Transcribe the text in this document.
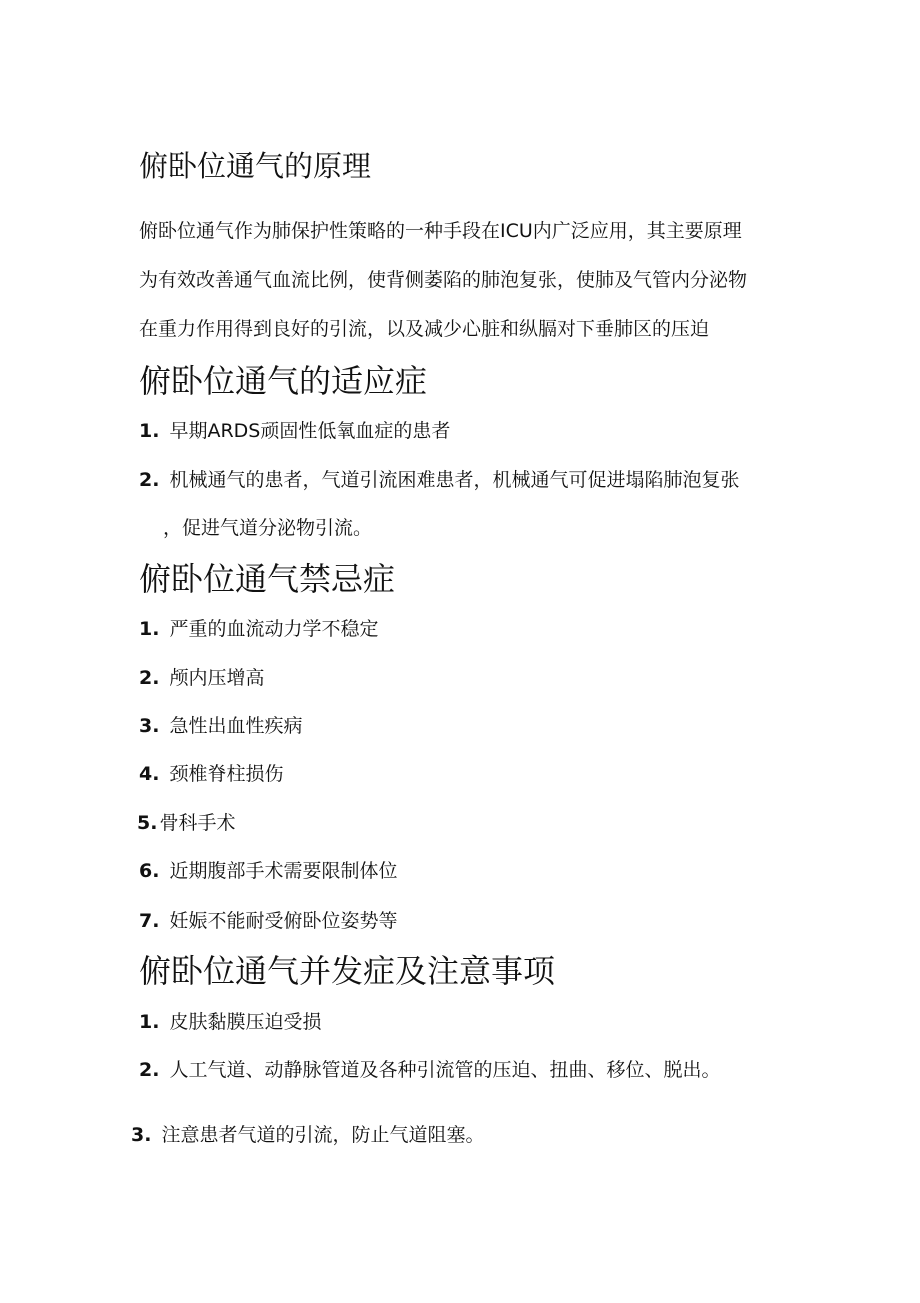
俯卧位通气的原理

俯卧位通气作为肺保护性策略的一种手段在ICU内广泛应用，其主要原理

为有效改善通气血流比例，使背侧萎陷的肺泡复张，使肺及气管内分泌物

在重力作用得到良好的引流，以及减少心脏和纵膈对下垂肺区的压迫

俯卧位通气的适应症

1. 早期ARDS顽固性低氧血症的患者

2. 机械通气的患者，气道引流困难患者，机械通气可促进塌陷肺泡复张

，促进气道分泌物引流。

俯卧位通气禁忌症

1. 严重的血流动力学不稳定

2. 颅内压增高

3. 急性出血性疾病

4. 颈椎脊柱损伤

5. 骨科手术

6. 近期腹部手术需要限制体位

7. 妊娠不能耐受俯卧位姿势等

俯卧位通气并发症及注意事项

1. 皮肤黏膜压迫受损

2. 人工气道、动静脉管道及各种引流管的压迫、扭曲、移位、脱出。

3. 注意患者气道的引流，防止气道阻塞。
